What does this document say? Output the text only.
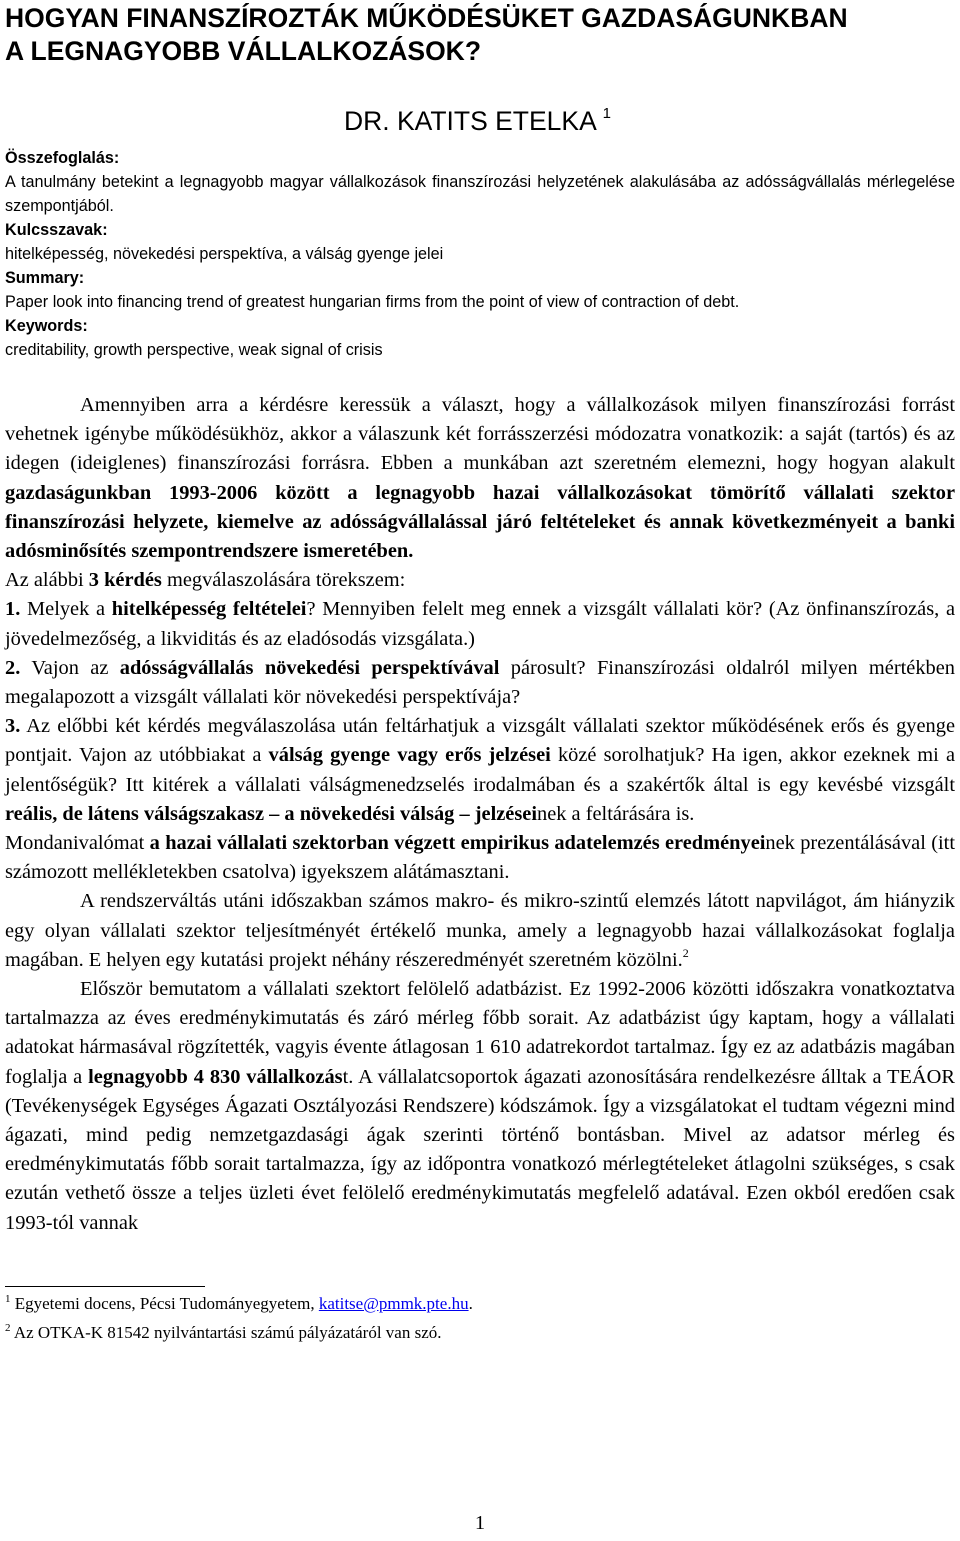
HOGYAN FINANSZÍROZTÁK MŰKÖDÉSÜKET GAZDASÁGUNKBAN
A LEGNAGYOBB VÁLLALKOZÁSOK?
DR. KATITS ETELKA $^1$
Összefoglalás:
A tanulmány betekint a legnagyobb magyar vállalkozások finanszírozási helyzetének alakulásába az adósságvállalás mérlegelése szempontjából.
Kulcsszavak:
hitelképesség, növekedési perspektíva, a válság gyenge jelei
Summary:
Paper look into financing trend of greatest hungarian firms from the point of view of contraction of debt.
Keywords:
creditability, growth perspective, weak signal of crisis

Amennyiben arra a kérdésre keressük a választ, hogy a vállalkozások milyen finanszírozási forrást vehetnek igénybe működésükhöz, akkor a válaszunk két forrásszerzési módozatra vonatkozik: a saját (tartós) és az idegen (ideiglenes) finanszírozási forrásra. Ebben a munkában azt szeretném elemezni, hogy hogyan alakult gazdaságunkban 1993-2006 között a legnagyobb hazai vállalkozásokat tömörítő vállalati szektor finanszírozási helyzete, kiemelve az adósságvállalással járó feltételeket és annak következményeit a banki adósminősítés szempontrendszere ismeretében.

Az alábbi 3 kérdés megválaszolására törekszem:

1. Melyek a hitelképesség feltételei? Mennyiben felelt meg ennek a vizsgált vállalati kör? (Az önfinanszírozás, a jövedelmezőség, a likviditás és az eladósodás vizsgálata.)

2. Vajon az adósságvállalás növekedési perspektívával párosult? Finanszírozási oldalról milyen mértékben megalapozott a vizsgált vállalati kör növekedési perspektívája?

3. Az előbbi két kérdés megválaszolása után feltárhatjuk a vizsgált vállalati szektor működésének erős és gyenge pontjait. Vajon az utóbbiakat a válság gyenge vagy erős jelzései közé sorolhatjuk? Ha igen, akkor ezeknek mi a jelentőségük? Itt kitérek a vállalati válságmenedzselés irodalmában és a szakértők által is egy kevésbé vizsgált reális, de látens válságszakasz – a növekedési válság – jelzéseinek a feltárására is.

Mondanivalómat a hazai vállalati szektorban végzett empirikus adatelemzés eredményeinek prezentálásával (itt számozott mellékletekben csatolva) igyekszem alátámasztani.

A rendszerváltás utáni időszakban számos makro- és mikro-szintű elemzés látott napvilágot, ám hiányzik egy olyan vállalati szektor teljesítményét értékelő munka, amely a legnagyobb hazai vállalkozásokat foglalja magában. E helyen egy kutatási projekt néhány részeredményét szeretném közölni.$^2$

Először bemutatom a vállalati szektort felölelő adatbázist. Ez 1992-2006 közötti időszakra vonatkoztatva tartalmazza az éves eredménykimutatás és záró mérleg főbb sorait. Az adatbázist úgy kaptam, hogy a vállalati adatokat hármasával rögzítették, vagyis évente átlagosan 1 610 adatrekordot tartalmaz. Így ez az adatbázis magában foglalja a legnagyobb 4 830 vállalkozást. A vállalatcsoportok ágazati azonosítására rendelkezésre álltak a TEÁOR (Tevékenységek Egységes Ágazati Osztályozási Rendszere) kódszámok. Így a vizsgálatokat el tudtam végezni mind ágazati, mind pedig nemzetgazdasági ágak szerinti történő bontásban. Mivel az adatsor mérleg és eredménykimutatás főbb sorait tartalmazza, így az időpontra vonatkozó mérlegtételeket átlagolni szükséges, s csak ezután vethető össze a teljes üzleti évet felölelő eredménykimutatás megfelelő adatával. Ezen okból eredően csak 1993-tól vannak

$^1$ Egyetemi docens, Pécsi Tudományegyetem, katitse@pmmk.pte.hu.
$^2$ Az OTKA-K 81542 nyilvántartási számú pályázatáról van szó.
1
